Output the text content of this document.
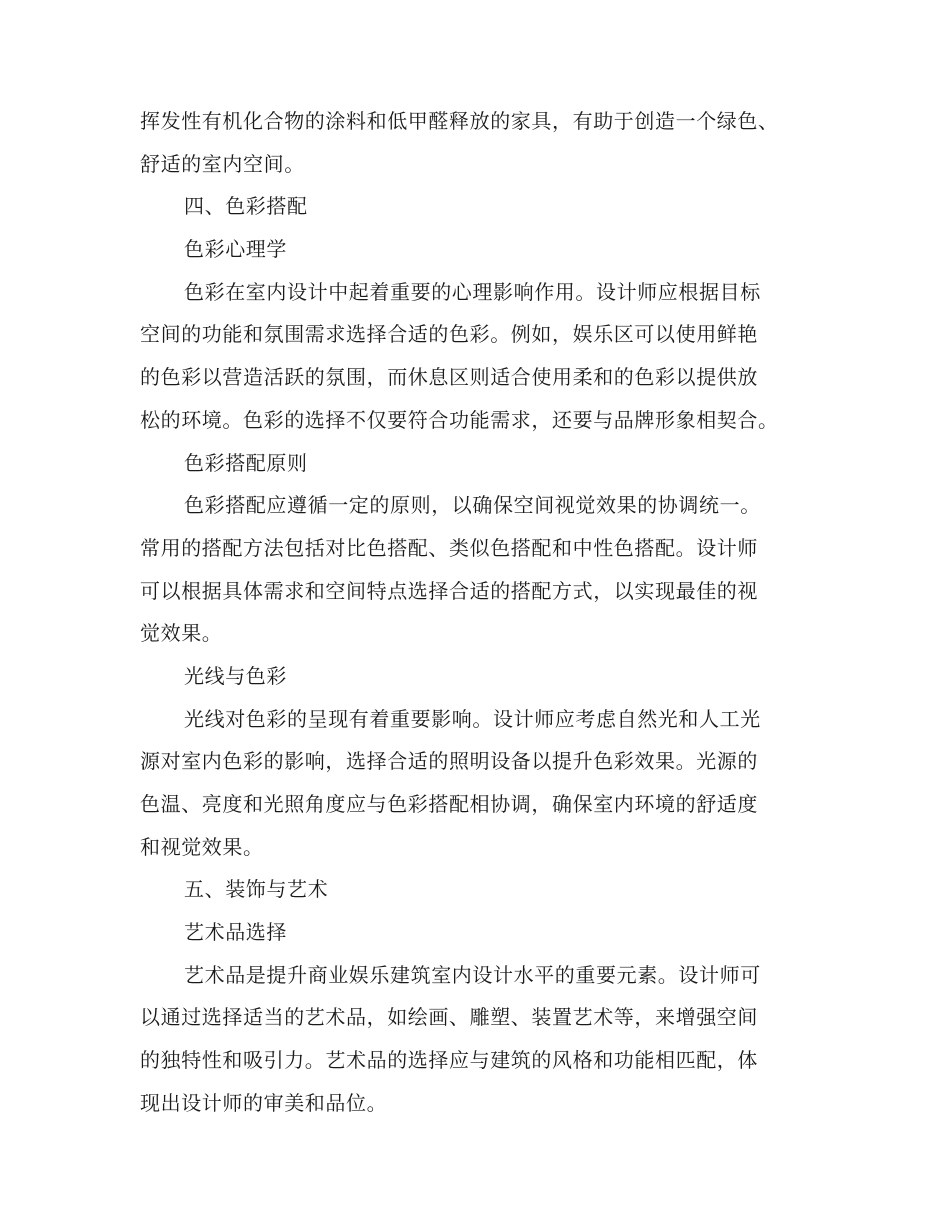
挥发性有机化合物的涂料和低甲醛释放的家具，有助于创造一个绿色、
舒适的室内空间。
四、色彩搭配
色彩心理学
色彩在室内设计中起着重要的心理影响作用。设计师应根据目标
空间的功能和氛围需求选择合适的色彩。例如，娱乐区可以使用鲜艳
的色彩以营造活跃的氛围，而休息区则适合使用柔和的色彩以提供放
松的环境。色彩的选择不仅要符合功能需求，还要与品牌形象相契合。
色彩搭配原则
色彩搭配应遵循一定的原则，以确保空间视觉效果的协调统一。
常用的搭配方法包括对比色搭配、类似色搭配和中性色搭配。设计师
可以根据具体需求和空间特点选择合适的搭配方式，以实现最佳的视
觉效果。
光线与色彩
光线对色彩的呈现有着重要影响。设计师应考虑自然光和人工光
源对室内色彩的影响，选择合适的照明设备以提升色彩效果。光源的
色温、亮度和光照角度应与色彩搭配相协调，确保室内环境的舒适度
和视觉效果。
五、装饰与艺术
艺术品选择
艺术品是提升商业娱乐建筑室内设计水平的重要元素。设计师可
以通过选择适当的艺术品，如绘画、雕塑、装置艺术等，来增强空间
的独特性和吸引力。艺术品的选择应与建筑的风格和功能相匹配，体
现出设计师的审美和品位。
